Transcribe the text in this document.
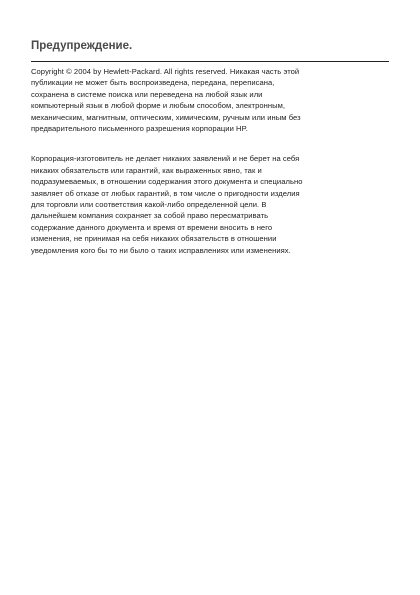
Предупреждение.

Copyright © 2004 by Hewlett-Packard. All rights reserved. Никакая часть этой
публикации не может быть воспроизведена, передана, переписана,
сохранена в системе поиска или переведена на любой язык или
компьютерный язык в любой форме и любым способом, электронным,
механическим, магнитным, оптическим, химическим, ручным или иным без
предварительного письменного разрешения корпорации HP.

Корпорация-изготовитель не делает никаких заявлений и не берет на себя
никаких обязательств или гарантий, как выраженных явно, так и
подразумеваемых, в отношении содержания этого документа и специально
заявляет об отказе от любых гарантий, в том числе о пригодности изделия
для торговли или соответствия какой-либо определенной цели. В
дальнейшем компания сохраняет за собой право пересматривать
содержание данного документа и время от времени вносить в него
изменения, не принимая на себя никаких обязательств в отношении
уведомления кого бы то ни было о таких исправлениях или изменениях.
